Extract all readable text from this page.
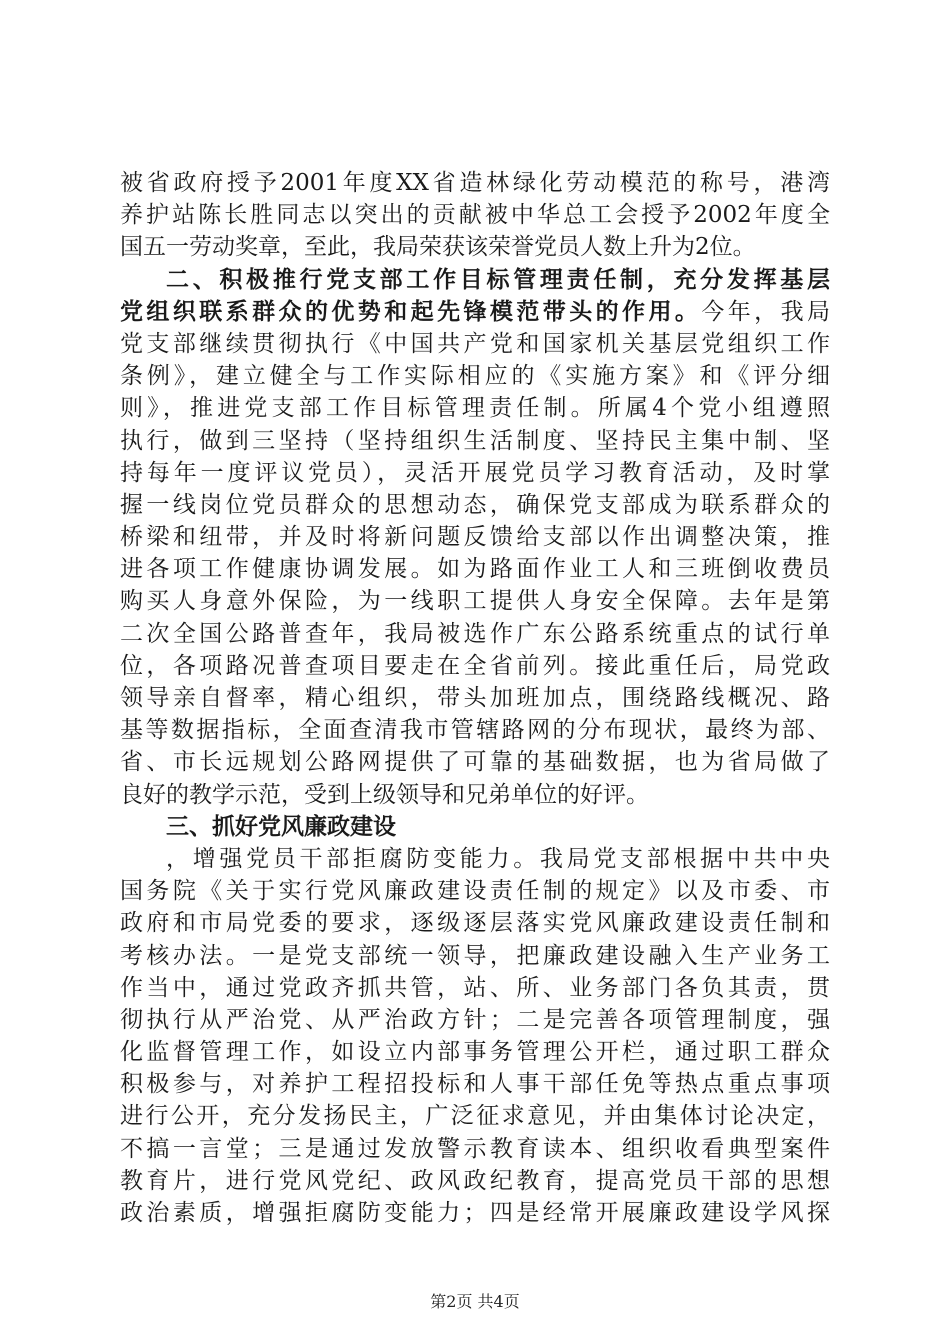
被省政府授予2001年度XX省造林绿化劳动模范的称号，港湾
养护站陈长胜同志以突出的贡献被中华总工会授予2002年度全
国五一劳动奖章，至此，我局荣获该荣誉党员人数上升为2位。
二、积极推行党支部工作目标管理责任制，充分发挥基层
党组织联系群众的优势和起先锋模范带头的作用。今年，我局
党支部继续贯彻执行《中国共产党和国家机关基层党组织工作
条例》，建立健全与工作实际相应的《实施方案》和《评分细
则》，推进党支部工作目标管理责任制。所属4个党小组遵照
执行，做到三坚持（坚持组织生活制度、坚持民主集中制、坚
持每年一度评议党员），灵活开展党员学习教育活动，及时掌
握一线岗位党员群众的思想动态，确保党支部成为联系群众的
桥梁和纽带，并及时将新问题反馈给支部以作出调整决策，推
进各项工作健康协调发展。如为路面作业工人和三班倒收费员
购买人身意外保险，为一线职工提供人身安全保障。去年是第
二次全国公路普查年，我局被选作广东公路系统重点的试行单
位，各项路况普查项目要走在全省前列。接此重任后，局党政
领导亲自督率，精心组织，带头加班加点，围绕路线概况、路
基等数据指标，全面查清我市管辖路网的分布现状，最终为部、
省、市长远规划公路网提供了可靠的基础数据，也为省局做了
良好的教学示范，受到上级领导和兄弟单位的好评。
三、抓好党风廉政建设
，增强党员干部拒腐防变能力。我局党支部根据中共中央
国务院《关于实行党风廉政建设责任制的规定》以及市委、市
政府和市局党委的要求，逐级逐层落实党风廉政建设责任制和
考核办法。一是党支部统一领导，把廉政建设融入生产业务工
作当中，通过党政齐抓共管，站、所、业务部门各负其责，贯
彻执行从严治党、从严治政方针；二是完善各项管理制度，强
化监督管理工作，如设立内部事务管理公开栏，通过职工群众
积极参与，对养护工程招投标和人事干部任免等热点重点事项
进行公开，充分发扬民主，广泛征求意见，并由集体讨论决定，
不搞一言堂；三是通过发放警示教育读本、组织收看典型案件
教育片，进行党风党纪、政风政纪教育，提高党员干部的思想
政治素质，增强拒腐防变能力；四是经常开展廉政建设学风探
第2页 共4页
